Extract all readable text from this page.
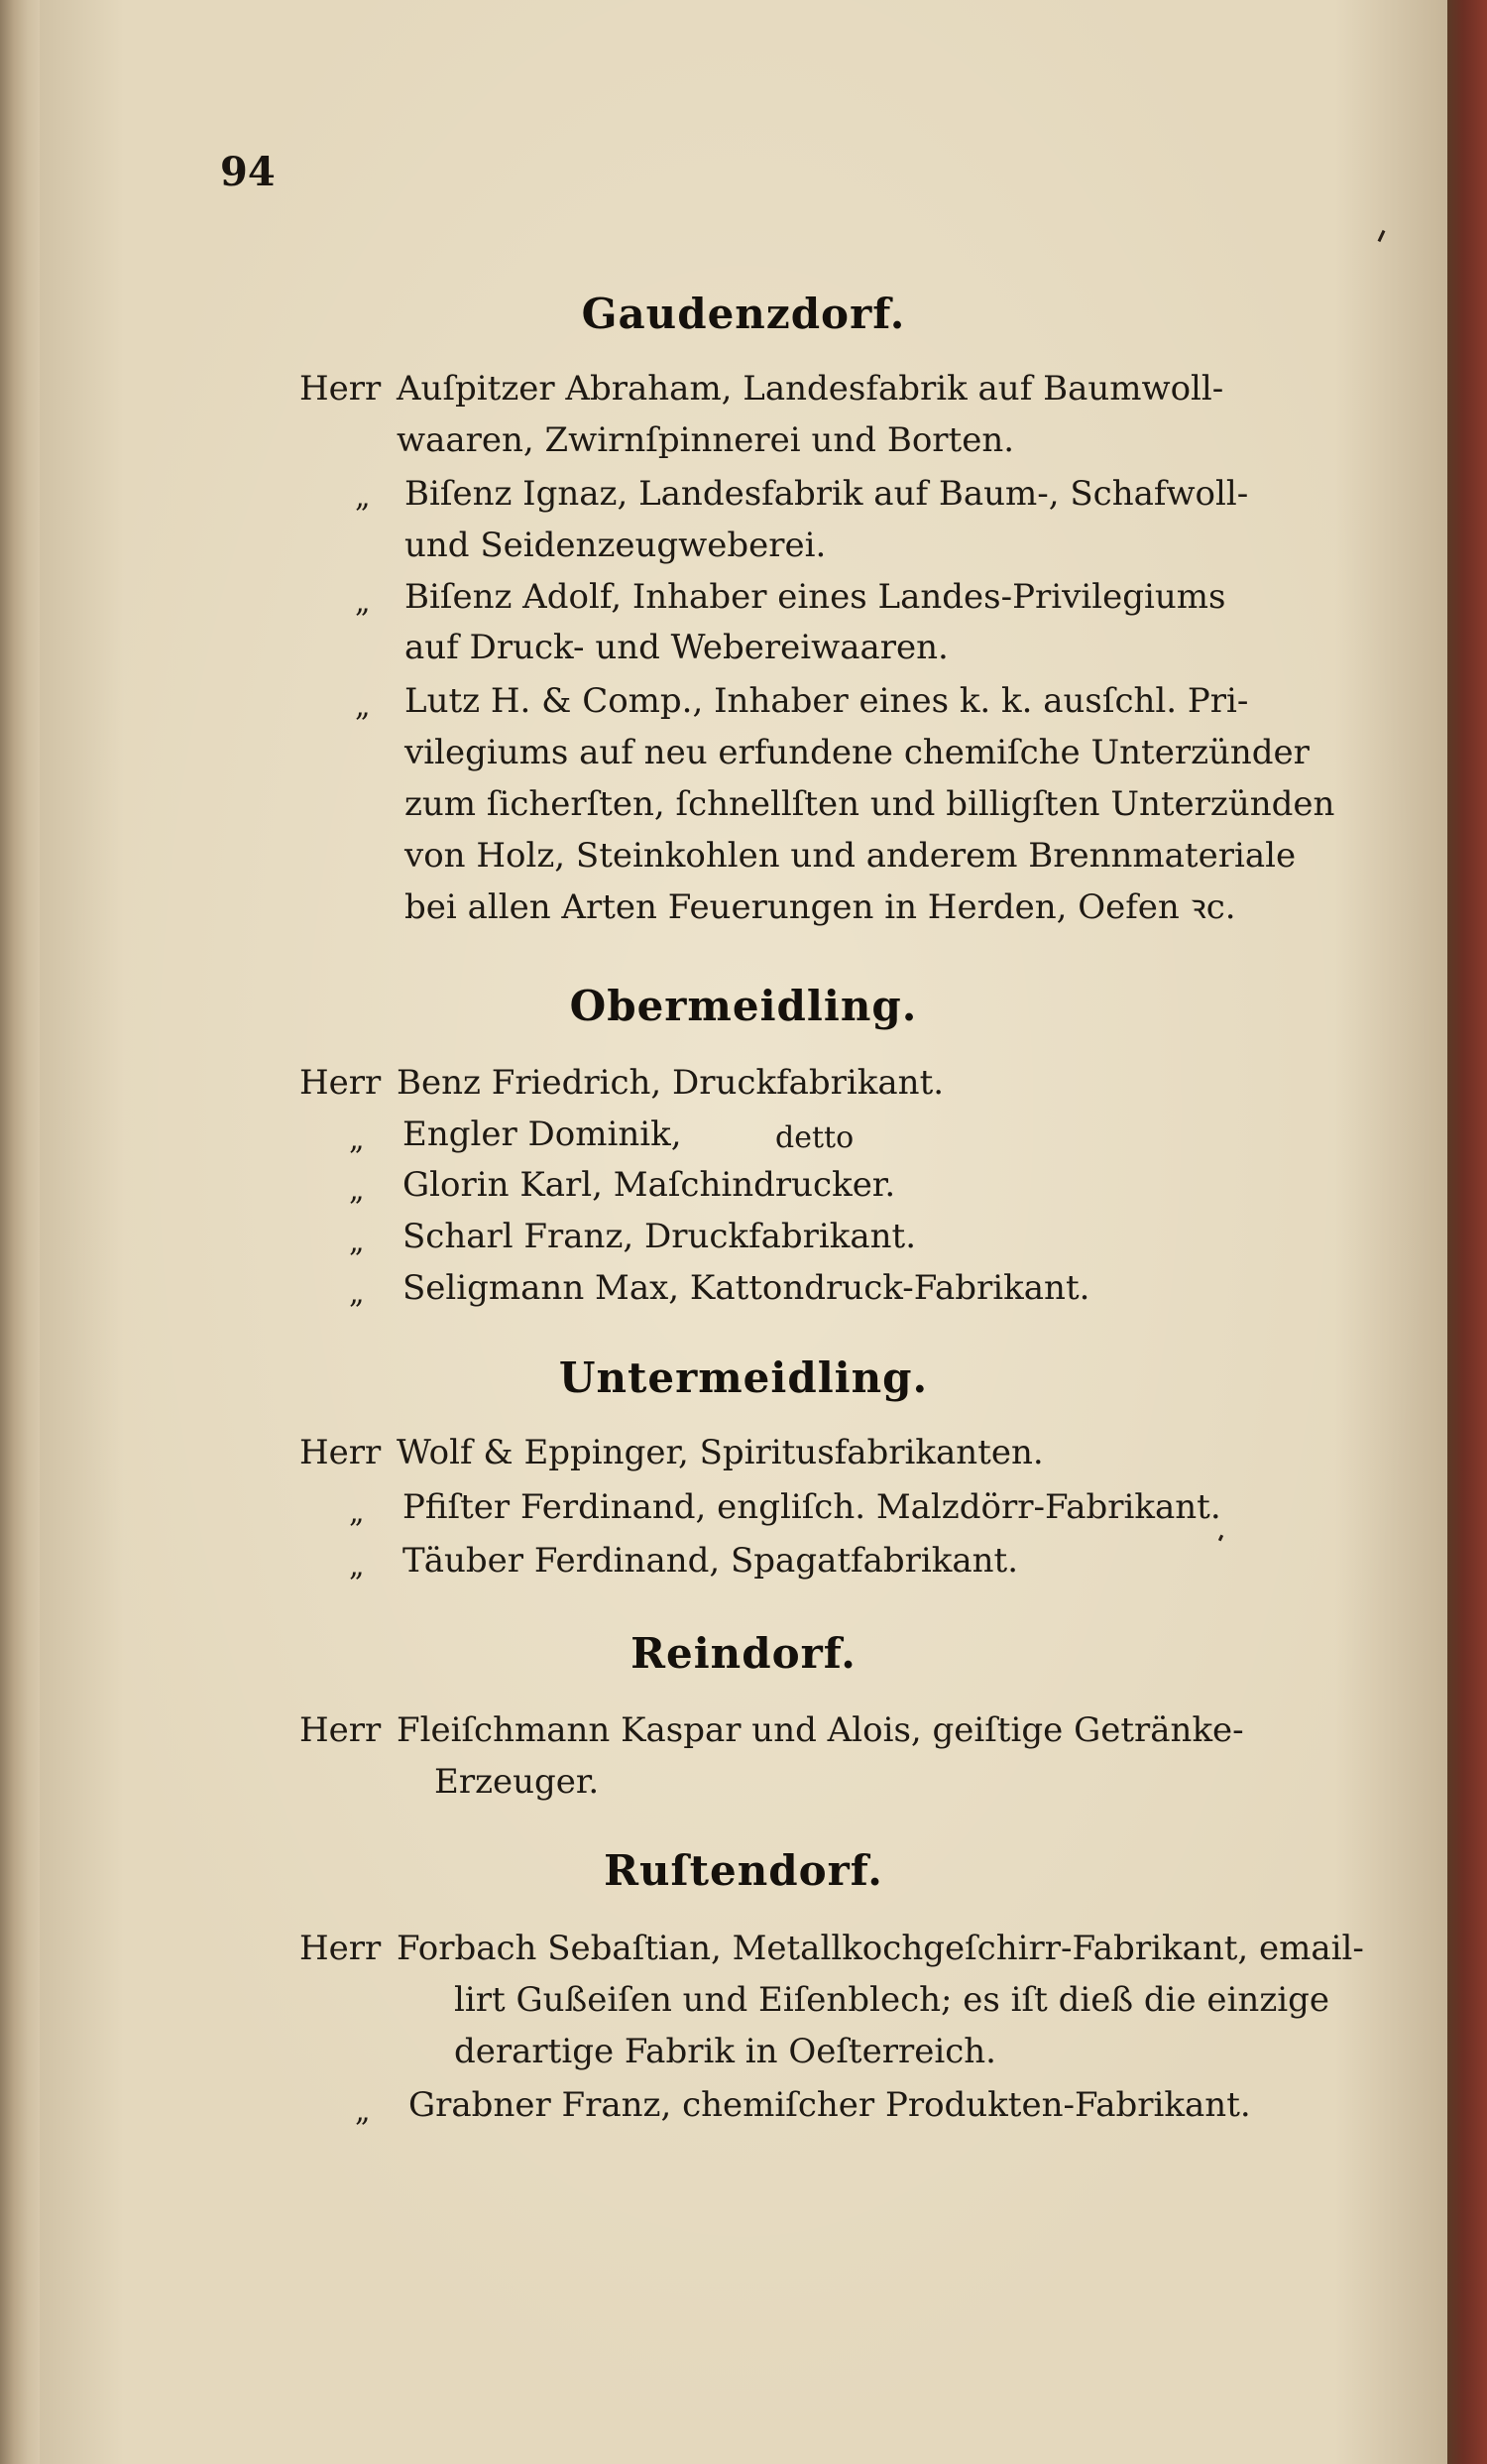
94
Gaudenzdorf.
Herr Auſpitzer Abraham, Landesfabrik auf Baumwoll-
waaren, Zwirnſpinnerei und Borten.
„ Biſenz Ignaz, Landesfabrik auf Baum-, Schafwoll-
und Seidenzeugweberei.
„ Biſenz Adolf, Inhaber eines Landes-Privilegiums
auf Druck- und Webereiwaaren.
„ Lutz H. & Comp., Inhaber eines k. k. ausſchl. Pri-
vilegiums auf neu erfundene chemiſche Unterzünder
zum ſicherſten, ſchnellſten und billigſten Unterzünden
von Holz, Steinkohlen und anderem Brennmateriale
bei allen Arten Feuerungen in Herden, Oefen ꝛc.
Obermeidling.
Herr Benz Friedrich, Druckfabrikant.
„ Engler Dominik,	detto
„ Glorin Karl, Maſchindrucker.
„ Scharl Franz, Druckfabrikant.
„ Seligmann Max, Kattondruck-Fabrikant.
Untermeidling.
Herr Wolf & Eppinger, Spiritusfabrikanten.
„ Pfiſter Ferdinand, engliſch. Malzdörr-Fabrikant.
„ Täuber Ferdinand, Spagatfabrikant.
Reindorf.
Herr Fleiſchmann Kaspar und Alois, geiſtige Getränke-
Erzeuger.
Ruſtendorf.
Herr Forbach Sebaſtian, Metallkochgeſchirr-Fabrikant, email-
lirt Gußeiſen und Eiſenblech; es iſt dieß die einzige
derartige Fabrik in Oeſterreich.
„ Grabner Franz, chemiſcher Produkten-Fabrikant.
